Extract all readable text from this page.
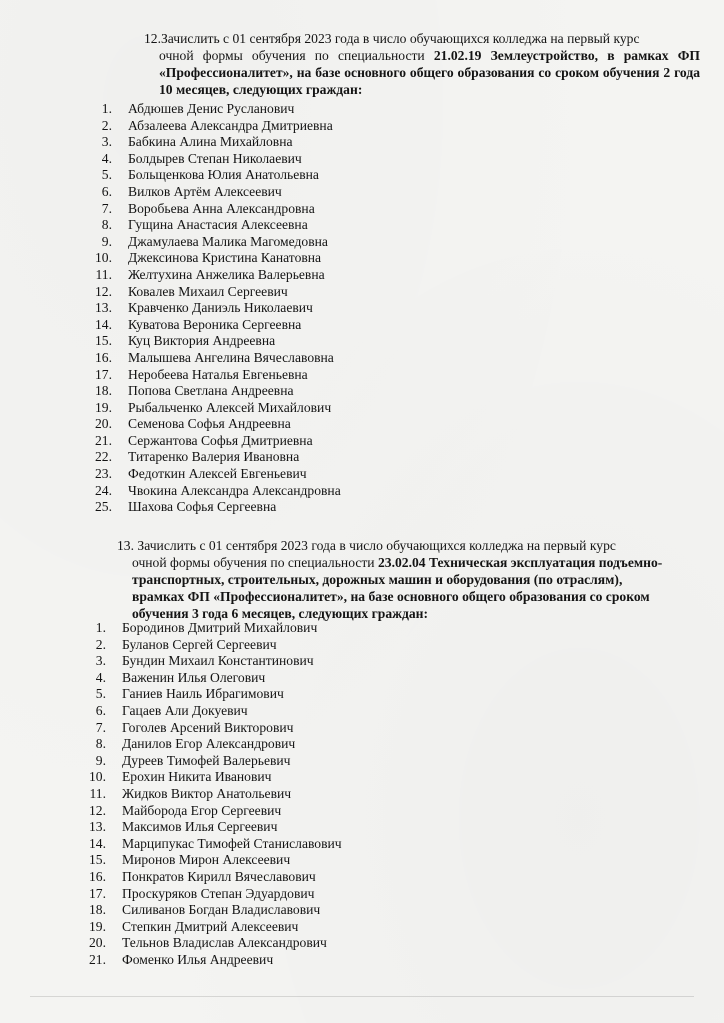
12.Зачислить с 01 сентября 2023 года в число обучающихся колледжа на первый курс
очной формы обучения по специальности 21.02.19 Землеустройство, в рамках ФП «Профессионалитет», на базе основного общего образования со сроком обучения 2 года 10 месяцев, следующих граждан:
1. Абдюшев Денис Русланович
2. Абзалеева Александра Дмитриевна
3. Бабкина Алина Михайловна
4. Болдырев Степан Николаевич
5. Больщенкова Юлия Анатольевна
6. Вилков Артём Алексеевич
7. Воробьева Анна Александровна
8. Гущина Анастасия Алексеевна
9. Джамулаева Малика Магомедовна
10. Джексинова Кристина Канатовна
11. Желтухина Анжелика Валерьевна
12. Ковалев Михаил Сергеевич
13. Кравченко Даниэль Николаевич
14. Куватова Вероника Сергеевна
15. Куц Виктория Андреевна
16. Малышева Ангелина Вячеславовна
17. Неробеева Наталья Евгеньевна
18. Попова Светлана Андреевна
19. Рыбальченко Алексей Михайлович
20. Семенова Софья Андреевна
21. Сержантова Софья Дмитриевна
22. Титаренко Валерия Ивановна
23. Федоткин Алексей Евгеньевич
24. Чвокина Александра Александровна
25. Шахова Софья Сергеевна
13. Зачислить с 01 сентября 2023 года в число обучающихся колледжа на первый курс
очной формы обучения по специальности 23.02.04 Техническая эксплуатация подъемно-транспортных, строительных, дорожных машин и оборудования (по отраслям), врамках ФП «Профессионалитет», на базе основного общего образования со сроком обучения 3 года 6 месяцев, следующих граждан:
1. Бородинов Дмитрий Михайлович
2. Буланов Сергей Сергеевич
3. Бундин Михаил Константинович
4. Важенин Илья Олегович
5. Ганиев Наиль Ибрагимович
6. Гацаев Али Докуевич
7. Гоголев Арсений Викторович
8. Данилов Егор Александрович
9. Дуреев Тимофей Валерьевич
10. Ерохин Никита Иванович
11. Жидков Виктор Анатольевич
12. Майборода Егор Сергеевич
13. Максимов Илья Сергеевич
14. Марципукас Тимофей Станиславович
15. Миронов Мирон Алексеевич
16. Понкратов Кирилл Вячеславович
17. Проскуряков Степан Эдуардович
18. Силиванов Богдан Владиславович
19. Степкин Дмитрий Алексеевич
20. Тельнов Владислав Александрович
21. Фоменко Илья Андреевич
